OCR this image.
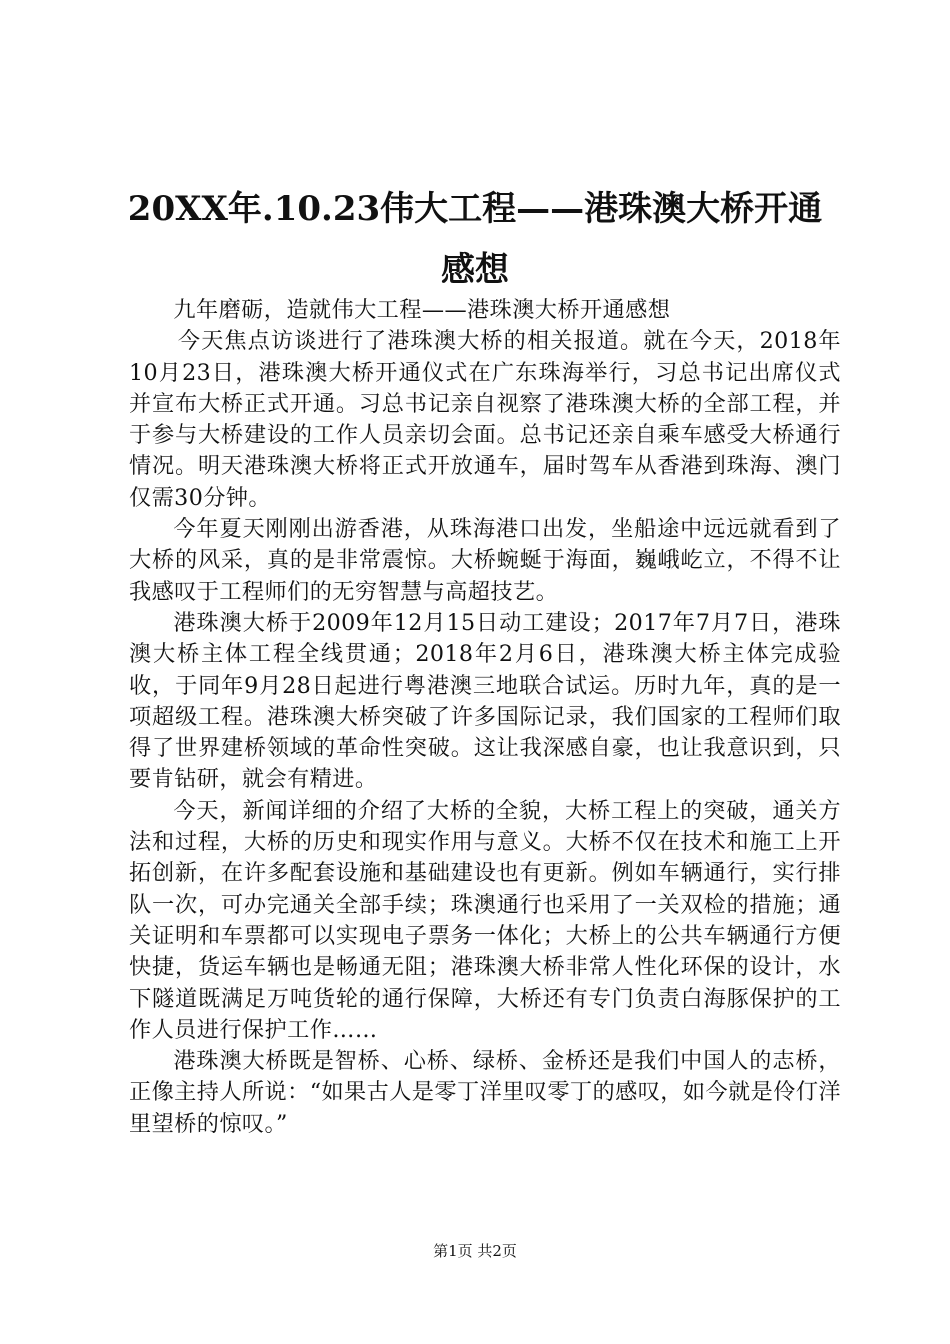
20XX年.10.23伟大工程——港珠澳大桥开通
感想

九年磨砺，造就伟大工程——港珠澳大桥开通感想

今天焦点访谈进行了港珠澳大桥的相关报道。就在今天，2018年10月23日，港珠澳大桥开通仪式在广东珠海举行，习总书记出席仪式并宣布大桥正式开通。习总书记亲自视察了港珠澳大桥的全部工程，并于参与大桥建设的工作人员亲切会面。总书记还亲自乘车感受大桥通行情况。明天港珠澳大桥将正式开放通车，届时驾车从香港到珠海、澳门仅需30分钟。

今年夏天刚刚出游香港，从珠海港口出发，坐船途中远远就看到了大桥的风采，真的是非常震惊。大桥蜿蜒于海面，巍峨屹立，不得不让我感叹于工程师们的无穷智慧与高超技艺。

港珠澳大桥于2009年12月15日动工建设；2017年7月7日，港珠澳大桥主体工程全线贯通；2018年2月6日，港珠澳大桥主体完成验收，于同年9月28日起进行粤港澳三地联合试运。历时九年，真的是一项超级工程。港珠澳大桥突破了许多国际记录，我们国家的工程师们取得了世界建桥领域的革命性突破。这让我深感自豪，也让我意识到，只要肯钻研，就会有精进。

今天，新闻详细的介绍了大桥的全貌，大桥工程上的突破，通关方法和过程，大桥的历史和现实作用与意义。大桥不仅在技术和施工上开拓创新，在许多配套设施和基础建设也有更新。例如车辆通行，实行排队一次，可办完通关全部手续；珠澳通行也采用了一关双检的措施；通关证明和车票都可以实现电子票务一体化；大桥上的公共车辆通行方便快捷，货运车辆也是畅通无阻；港珠澳大桥非常人性化环保的设计，水下隧道既满足万吨货轮的通行保障，大桥还有专门负责白海豚保护的工作人员进行保护工作……

港珠澳大桥既是智桥、心桥、绿桥、金桥还是我们中国人的志桥，正像主持人所说：“如果古人是零丁洋里叹零丁的感叹，如今就是伶仃洋里望桥的惊叹。”

第1页 共2页
